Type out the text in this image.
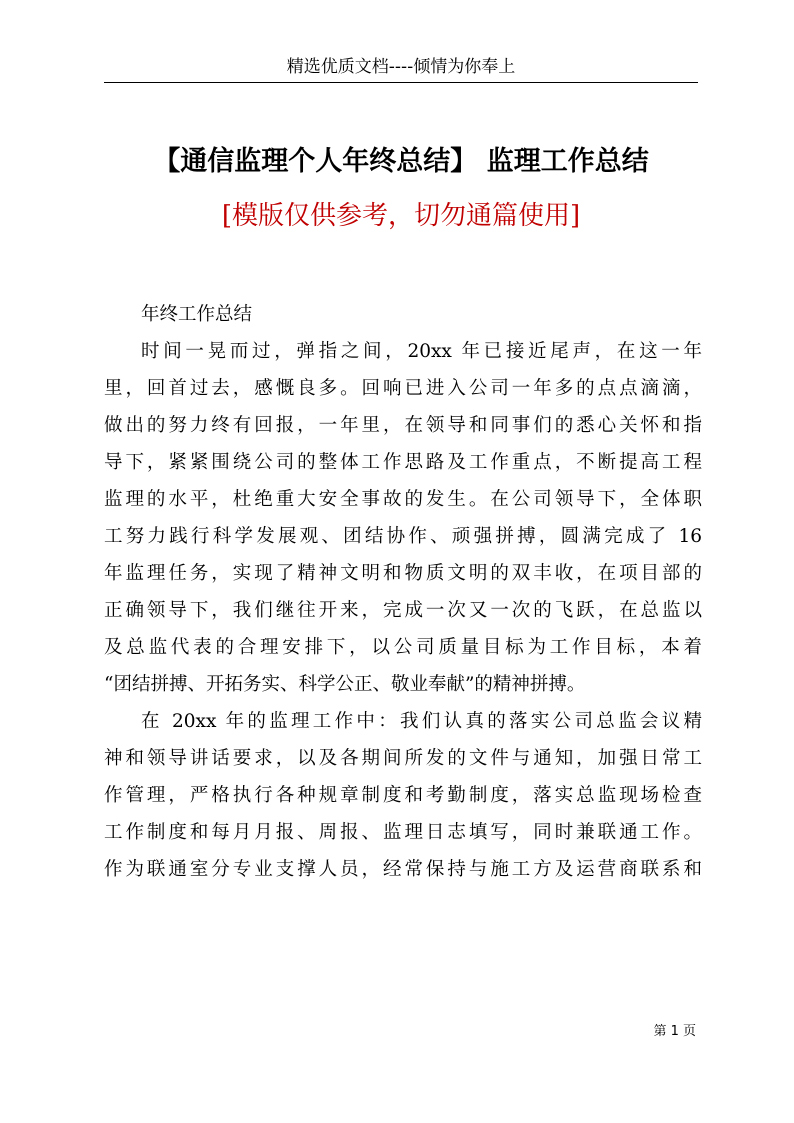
精选优质文档----倾情为你奉上
【通信监理个人年终总结】 监理工作总结
[模版仅供参考，切勿通篇使用]
年终工作总结
时间一晃而过，弹指之间，20xx 年已接近尾声，在这一年
里，回首过去，感慨良多。回响已进入公司一年多的点点滴滴，
做出的努力终有回报，一年里，在领导和同事们的悉心关怀和指
导下，紧紧围绕公司的整体工作思路及工作重点，不断提高工程
监理的水平，杜绝重大安全事故的发生。在公司领导下，全体职
工努力践行科学发展观、团结协作、顽强拼搏，圆满完成了 16
年监理任务，实现了精神文明和物质文明的双丰收，在项目部的
正确领导下，我们继往开来，完成一次又一次的飞跃，在总监以
及总监代表的合理安排下，以公司质量目标为工作目标，本着
“团结拼搏、开拓务实、科学公正、敬业奉献”的精神拼搏。
在 20xx 年的监理工作中：我们认真的落实公司总监会议精
神和领导讲话要求，以及各期间所发的文件与通知，加强日常工
作管理，严格执行各种规章制度和考勤制度，落实总监现场检查
工作制度和每月月报、周报、监理日志填写，同时兼联通工作。
作为联通室分专业支撑人员，经常保持与施工方及运营商联系和
第 1 页
